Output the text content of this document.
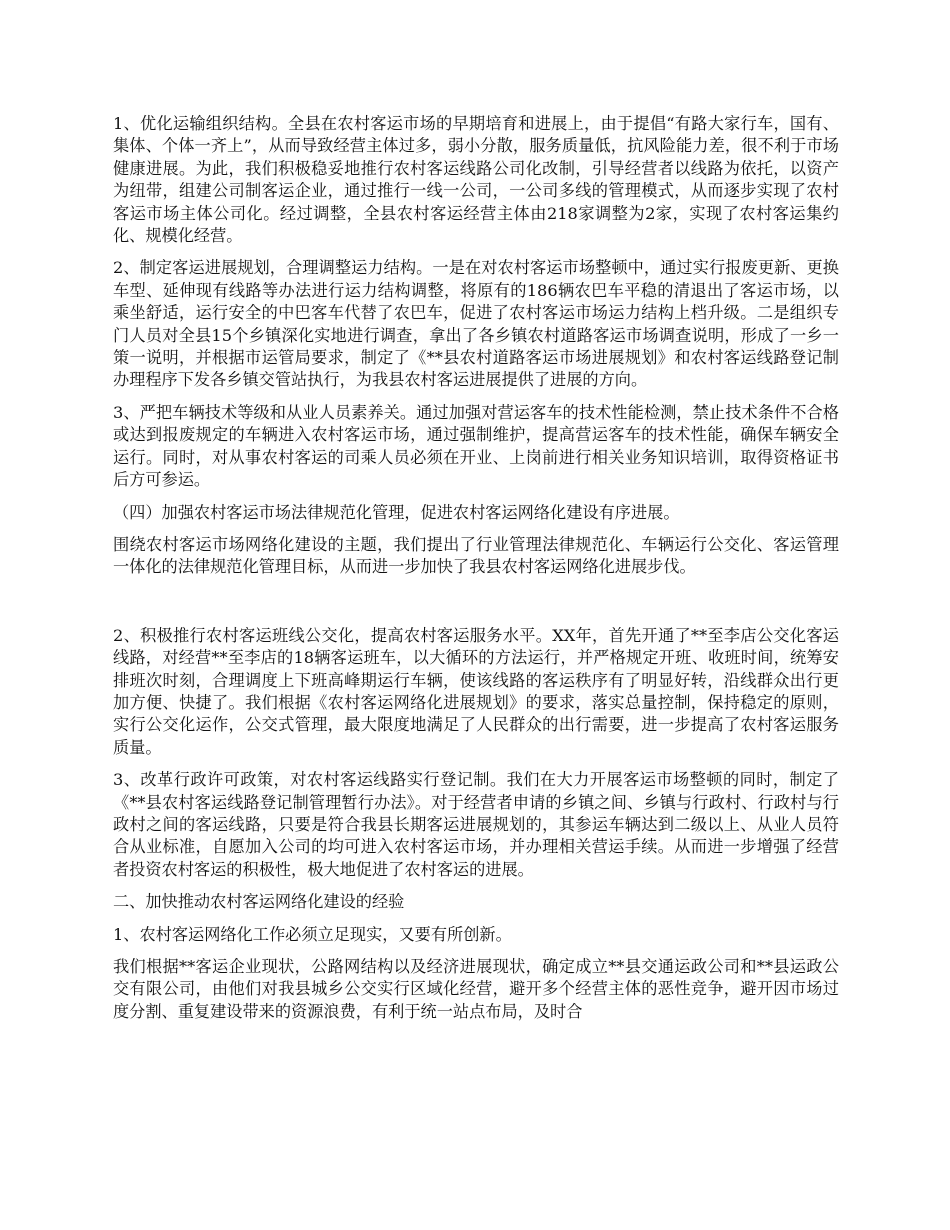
1、优化运输组织结构。全县在农村客运市场的早期培育和进展上，由于提倡“有路大家行车，国有、集体、个体一齐上”，从而导致经营主体过多，弱小分散，服务质量低，抗风险能力差，很不利于市场健康进展。为此，我们积极稳妥地推行农村客运线路公司化改制，引导经营者以线路为依托，以资产为纽带，组建公司制客运企业，通过推行一线一公司，一公司多线的管理模式，从而逐步实现了农村客运市场主体公司化。经过调整，全县农村客运经营主体由218家调整为2家，实现了农村客运集约化、规模化经营。

2、制定客运进展规划，合理调整运力结构。一是在对农村客运市场整顿中，通过实行报废更新、更换车型、延伸现有线路等办法进行运力结构调整，将原有的186辆农巴车平稳的清退出了客运市场，以乘坐舒适，运行安全的中巴客车代替了农巴车，促进了农村客运市场运力结构上档升级。二是组织专门人员对全县15个乡镇深化实地进行调查，拿出了各乡镇农村道路客运市场调查说明，形成了一乡一策一说明，并根据市运管局要求，制定了《**县农村道路客运市场进展规划》和农村客运线路登记制办理程序下发各乡镇交管站执行，为我县农村客运进展提供了进展的方向。

3、严把车辆技术等级和从业人员素养关。通过加强对营运客车的技术性能检测，禁止技术条件不合格或达到报废规定的车辆进入农村客运市场，通过强制维护，提高营运客车的技术性能，确保车辆安全运行。同时，对从事农村客运的司乘人员必须在开业、上岗前进行相关业务知识培训，取得资格证书后方可参运。

（四）加强农村客运市场法律规范化管理，促进农村客运网络化建设有序进展。

围绕农村客运市场网络化建设的主题，我们提出了行业管理法律规范化、车辆运行公交化、客运管理一体化的法律规范化管理目标，从而进一步加快了我县农村客运网络化进展步伐。

2、积极推行农村客运班线公交化，提高农村客运服务水平。XX年，首先开通了**至李店公交化客运线路，对经营**至李店的18辆客运班车，以大循环的方法运行，并严格规定开班、收班时间，统筹安排班次时刻，合理调度上下班高峰期运行车辆，使该线路的客运秩序有了明显好转，沿线群众出行更加方便、快捷了。我们根据《农村客运网络化进展规划》的要求，落实总量控制，保持稳定的原则，实行公交化运作，公交式管理，最大限度地满足了人民群众的出行需要，进一步提高了农村客运服务质量。

3、改革行政许可政策，对农村客运线路实行登记制。我们在大力开展客运市场整顿的同时，制定了《**县农村客运线路登记制管理暂行办法》。对于经营者申请的乡镇之间、乡镇与行政村、行政村与行政村之间的客运线路，只要是符合我县长期客运进展规划的，其参运车辆达到二级以上、从业人员符合从业标准，自愿加入公司的均可进入农村客运市场，并办理相关营运手续。从而进一步增强了经营者投资农村客运的积极性，极大地促进了农村客运的进展。

二、加快推动农村客运网络化建设的经验

1、农村客运网络化工作必须立足现实，又要有所创新。

我们根据**客运企业现状，公路网结构以及经济进展现状，确定成立**县交通运政公司和**县运政公交有限公司，由他们对我县城乡公交实行区域化经营，避开多个经营主体的恶性竞争，避开因市场过度分割、重复建设带来的资源浪费，有利于统一站点布局，及时合
